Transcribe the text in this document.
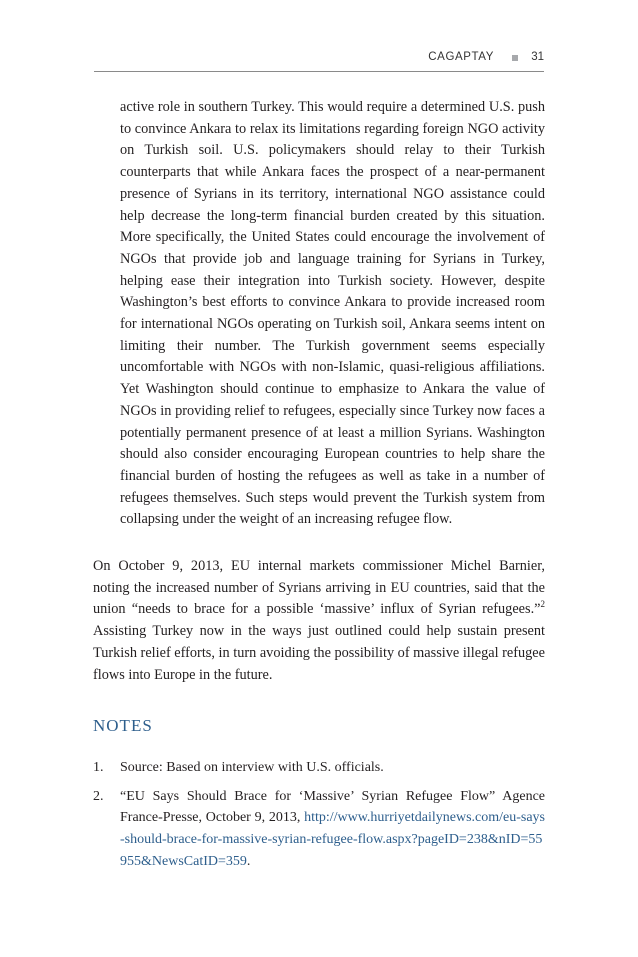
CAGAPTAY	31

active role in southern Turkey. This would require a determined U.S. push to convince Ankara to relax its limitations regarding foreign NGO activity on Turkish soil. U.S. policymakers should relay to their Turkish counterparts that while Ankara faces the prospect of a near-permanent presence of Syrians in its territory, international NGO assistance could help decrease the long-term financial burden created by this situation. More specifically, the United States could encourage the involvement of NGOs that provide job and language training for Syrians in Turkey, helping ease their integration into Turkish society. However, despite Washington’s best efforts to convince Ankara to provide increased room for international NGOs operating on Turkish soil, Ankara seems intent on limiting their number. The Turkish government seems especially uncomfortable with NGOs with non-Islamic, quasi-religious affiliations. Yet Washington should continue to emphasize to Ankara the value of NGOs in providing relief to refugees, especially since Turkey now faces a potentially permanent presence of at least a million Syrians. Washington should also consider encouraging European countries to help share the financial burden of hosting the refugees as well as take in a number of refugees themselves. Such steps would prevent the Turkish system from collapsing under the weight of an increasing refugee flow.

On October 9, 2013, EU internal markets commissioner Michel Barnier, noting the increased number of Syrians arriving in EU countries, said that the union “needs to brace for a possible ‘massive’ influx of Syrian refugees.”$^2$ Assisting Turkey now in the ways just outlined could help sustain present Turkish relief efforts, in turn avoiding the possibility of massive illegal refugee flows into Europe in the future.

NOTES
1. Source: Based on interview with U.S. officials.
2. “EU Says Should Brace for ‘Massive’ Syrian Refugee Flow” Agence France-Presse, October 9, 2013, http://www.hurriyetdailynews.com/eu-says-should-brace-for-massive-syrian-refugee-flow.aspx?pageID=238&nID=55955&NewsCatID=359.
